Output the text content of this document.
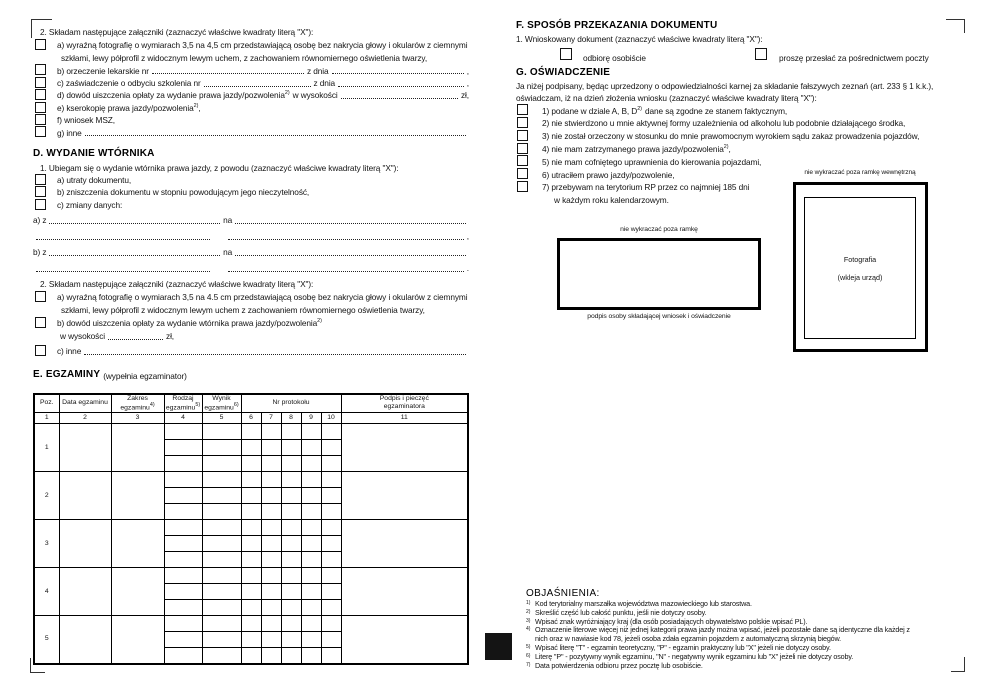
2. Składam następujące załączniki (zaznaczyć właściwe kwadraty literą "X"):
a) wyraźną fotografię o wymiarach 3,5 na 4,5 cm przedstawiającą osobę bez nakrycia głowy i okularów z ciemnymi
szkłami, lewy półprofil z widocznym lewym uchem, z zachowaniem równomiernego oświetlenia twarzy,
b) orzeczenie lekarskie nr	z dnia	,
c) zaświadczenie o odbyciu szkolenia nr	z dnia	,
d) dowód uiszczenia opłaty za wydanie prawa jazdy/pozwolenia$^{2)}$ w wysokości	zł,
e) kserokopię prawa jazdy/pozwolenia$^{2)}$,
f) wniosek MSZ,
g) inne
D. WYDANIE WTÓRNIKA
1. Ubiegam się o wydanie wtórnika prawa jazdy, z powodu (zaznaczyć właściwe kwadraty literą "X"):
a) utraty dokumentu,
b) zniszczenia dokumentu w stopniu powodującym jego nieczytelność,
c) zmiany danych:
a) z	na
,
b) z	na
.
2. Składam następujące załączniki (zaznaczyć właściwe kwadraty literą "X"):
a) wyraźną fotografię o wymiarach 3,5 na 4.5 cm przedstawiającą osobę bez nakrycia głowy i okularów z ciemnymi
szkłami, lewy półprofil z widocznym lewym uchem z zachowaniem równomiernego oświetlenia twarzy,
b) dowód uiszczenia opłaty za wydanie wtórnika prawa jazdy/pozwolenia$^{2)}$
w wysokości	zł,
c) inne
E. EGZAMINY (wypełnia egzaminator)
Poz.	Data egzaminu	Zakres egzaminu$^{4)}$	Rodzaj egzaminu$^{5)}$	Wynik egzaminu$^{6)}$	Nr protokołu					Podpis i pieczęć egzaminatora
1	2	3	4	5	6	7	8	9	10	11
1										

2										

3										

4										

5										

F. SPOSÓB PRZEKAZANIA DOKUMENTU
1. Wnioskowany dokument (zaznaczyć właściwe kwadraty literą "X"):
odbiorę osobiście	proszę przesłać za pośrednictwem poczty
G. OŚWIADCZENIE
Ja niżej podpisany, będąc uprzedzony o odpowiedzialności karnej za składanie fałszywych zeznań (art. 233 § 1 k.k.),
oświadczam, iż na dzień złożenia wniosku (zaznaczyć właściwe kwadraty literą "X"):
1) podane w dziale A, B, $D^{2)}$ dane są zgodne ze stanem faktycznym,
2) nie stwierdzono u mnie aktywnej formy uzależnienia od alkoholu lub podobnie działającego środka,
3) nie został orzeczony w stosunku do mnie prawomocnym wyrokiem sądu zakaz prowadzenia pojazdów,
4) nie mam zatrzymanego prawa jazdy/pozwolenia$^{2)}$,
5) nie mam cofniętego uprawnienia do kierowania pojazdami,
6) utraciłem prawo jazdy/pozwolenie,
7) przebywam na terytorium RP przez co najmniej 185 dni
w każdym roku kalendarzowym.
nie wykraczać poza ramkę wewnętrzną
Fotografia
(wkleja urząd)
nie wykraczać poza ramkę
podpis osoby składającej wniosek i oświadczenie
OBJAŚNIENIA:
1) Kod terytorialny marszałka województwa mazowieckiego lub starostwa.
2) Skreślić część lub całość punktu, jeśli nie dotyczy osoby.
3) Wpisać znak wyróżniający kraj (dla osób posiadających obywatelstwo polskie wpisać PL).
4) Oznaczenie literowe więcej niż jednej kategorii prawa jazdy można wpisać, jeżeli pozostałe dane są identyczne dla każdej z nich oraz w nawiasie kod 78, jeżeli osoba zdała egzamin pojazdem z automatyczną skrzynią biegów.
5) Wpisać literę "T" - egzamin teoretyczny, "P" - egzamin praktyczny lub "X" jeżeli nie dotyczy osoby.
6) Literę "P" - pozytywny wynik egzaminu, "N" - negatywny wynik egzaminu lub "X" jeżeli nie dotyczy osoby.
7) Data potwierdzenia odbioru przez pocztę lub osobiście.
